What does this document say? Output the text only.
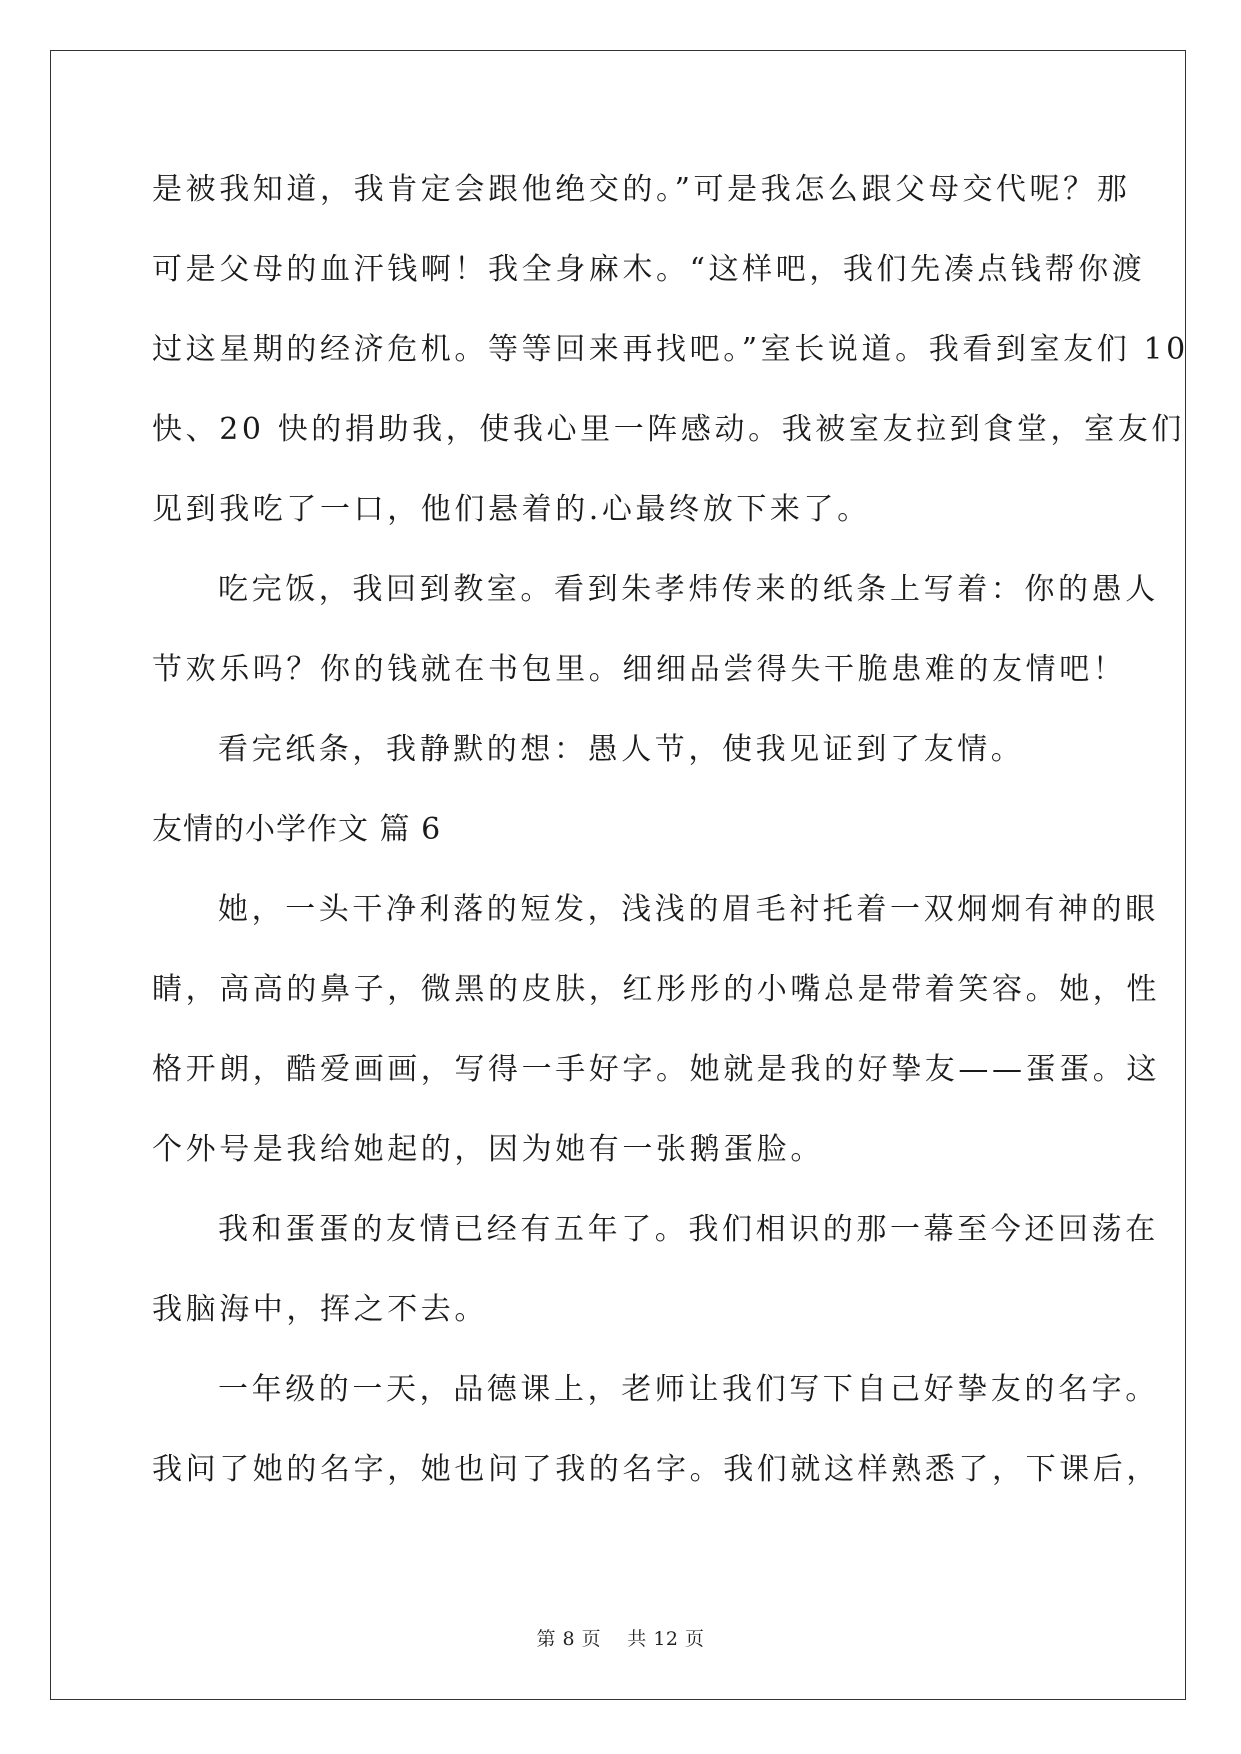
是被我知道，我肯定会跟他绝交的。”可是我怎么跟父母交代呢？那
可是父母的血汗钱啊！我全身麻木。“这样吧，我们先凑点钱帮你渡
过这星期的经济危机。等等回来再找吧。”室长说道。我看到室友们 10
快、20 快的捐助我，使我心里一阵感动。我被室友拉到食堂，室友们
见到我吃了一口，他们悬着的.心最终放下来了。
吃完饭，我回到教室。看到朱孝炜传来的纸条上写着：你的愚人
节欢乐吗？你的钱就在书包里。细细品尝得失干脆患难的友情吧！
看完纸条，我静默的想：愚人节，使我见证到了友情。
友情的小学作文 篇 6
她，一头干净利落的短发，浅浅的眉毛衬托着一双炯炯有神的眼
睛，高高的鼻子，微黑的皮肤，红彤彤的小嘴总是带着笑容。她，性
格开朗，酷爱画画，写得一手好字。她就是我的好挚友——蛋蛋。这
个外号是我给她起的，因为她有一张鹅蛋脸。
我和蛋蛋的友情已经有五年了。我们相识的那一幕至今还回荡在
我脑海中，挥之不去。
一年级的一天，品德课上，老师让我们写下自己好挚友的名字。
我问了她的名字，她也问了我的名字。我们就这样熟悉了，下课后，
第 8 页 共 12 页
